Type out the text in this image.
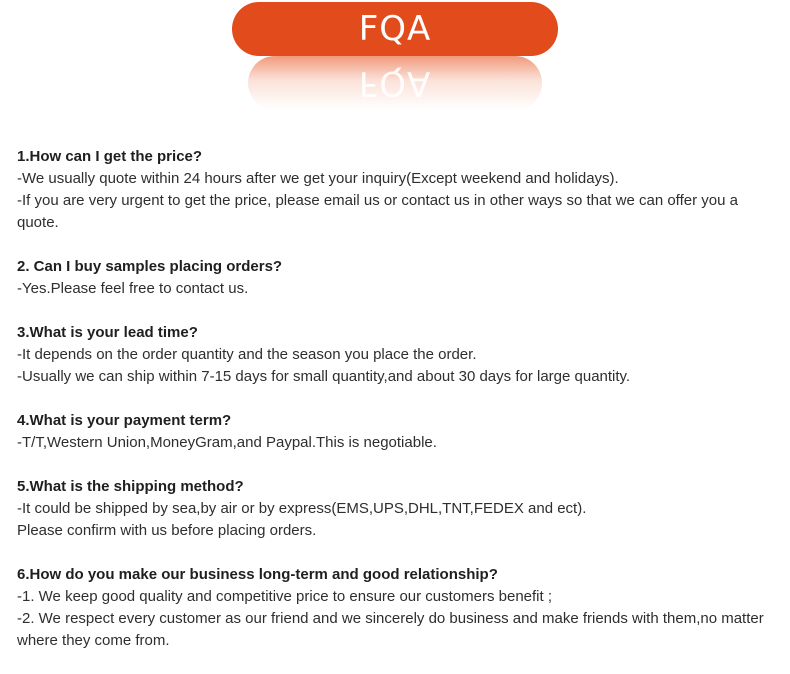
FQA
FQA
1.How can I get the price?
-We usually quote within 24 hours after we get your inquiry(Except weekend and holidays).
-If you are very urgent to get the price, please email us or contact us in other ways so that we can offer you a quote.
2. Can I buy samples placing orders?
-Yes.Please feel free to contact us.
3.What is your lead time?
-It depends on the order quantity and the season you place the order.
-Usually we can ship within 7-15 days for small quantity,and about 30 days for large quantity.
4.What is your payment term?
-T/T,Western Union,MoneyGram,and Paypal.This is negotiable.
5.What is the shipping method?
-It could be shipped by sea,by air or by express(EMS,UPS,DHL,TNT,FEDEX and ect).
Please confirm with us before placing orders.
6.How do you make our business long-term and good relationship?
-1. We keep good quality and competitive price to ensure our customers benefit ;
-2. We respect every customer as our friend and we sincerely do business and make friends with them,no matter where they come from.
